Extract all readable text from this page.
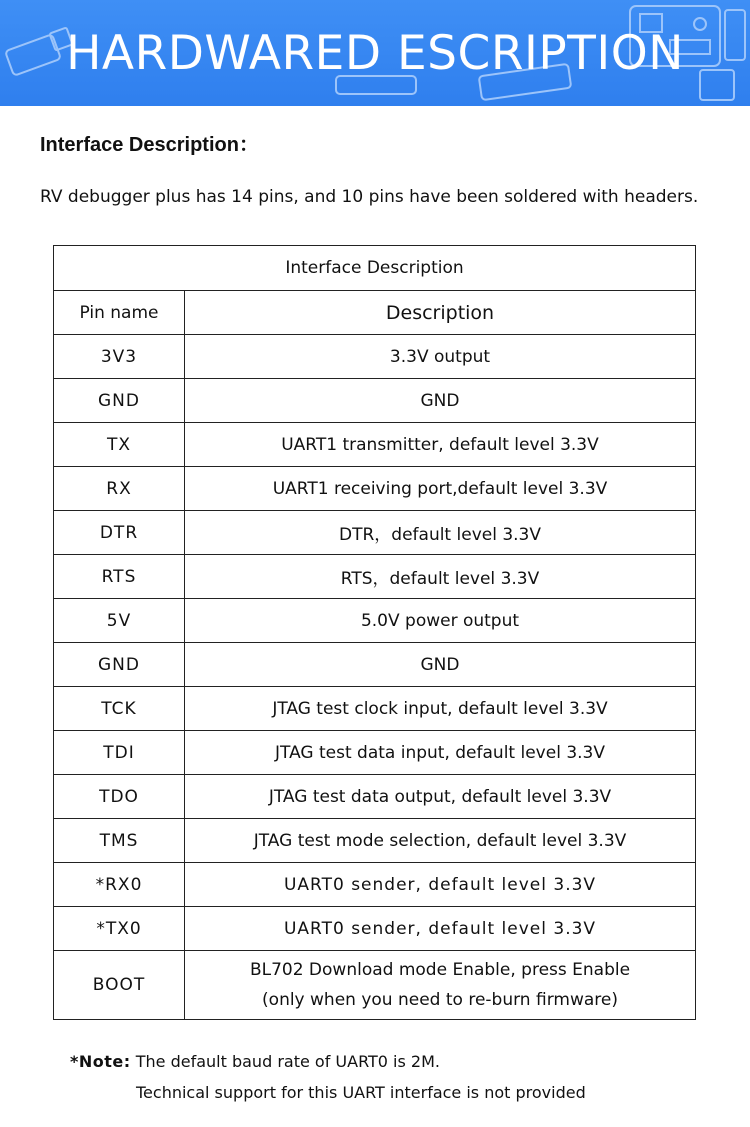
HARDWARED ESCRIPTION
Interface Description：
RV debugger plus has 14 pins, and 10 pins have been soldered with headers.
Interface Description	
Pin name	Description
3V3	3.3V output
GND	GND
TX	UART1 transmitter, default level 3.3V
RX	UART1 receiving port,default level 3.3V
DTR	DTR，default level 3.3V
RTS	RTS，default level 3.3V
5V	5.0V power output
GND	GND
TCK	JTAG test clock input, default level 3.3V
TDI	JTAG test data input, default level 3.3V
TDO	JTAG test data output, default level 3.3V
TMS	JTAG test mode selection, default level 3.3V
*RX0	UART0 sender, default level 3.3V
*TX0	UART0 sender, default level 3.3V
BOOT	BL702 Download mode Enable, press Enable
(only when you need to re-burn firmware)
*Note: The default baud rate of UART0 is 2M.
Technical support for this UART interface is not provided
